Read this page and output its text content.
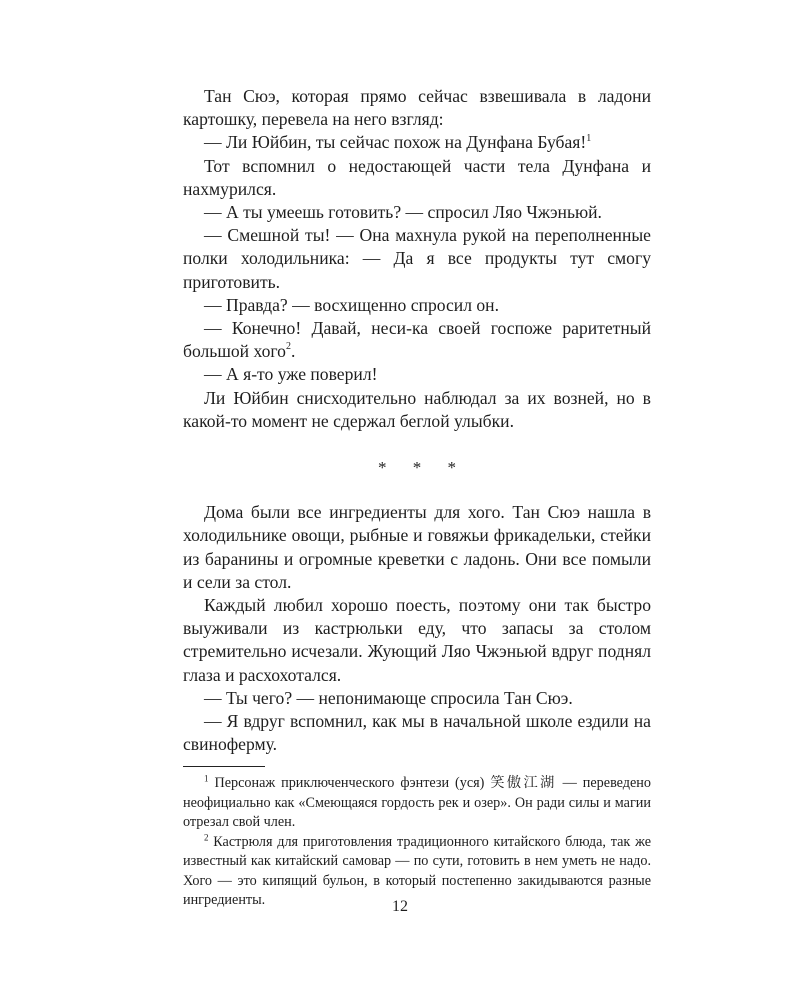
Тан Сюэ, которая прямо сейчас взвешивала в ладони картошку, перевела на него взгляд:

— Ли Юйбин, ты сейчас похож на Дунфана Бубая!$^1$

Тот вспомнил о недостающей части тела Дунфана и нахмурился.

— А ты умеешь готовить? — спросил Ляо Чжэньюй.

— Смешной ты! — Она махнула рукой на переполненные полки холодильника: — Да я все продукты тут смогу приготовить.

— Правда? — восхищенно спросил он.

— Конечно! Давай, неси-ка своей госпоже раритетный большой хого$^2$.

— А я-то уже поверил!

Ли Юйбин снисходительно наблюдал за их возней, но в какой-то момент не сдержал беглой улыбки.

* * *

Дома были все ингредиенты для хого. Тан Сюэ нашла в холодильнике овощи, рыбные и говяжьи фрикадельки, стейки из баранины и огромные креветки с ладонь. Они все помыли и сели за стол.

Каждый любил хорошо поесть, поэтому они так быстро выуживали из кастрюльки еду, что запасы за столом стремительно исчезали. Жующий Ляо Чжэньюй вдруг поднял глаза и расхохотался.

— Ты чего? — непонимающе спросила Тан Сюэ.

— Я вдруг вспомнил, как мы в начальной школе ездили на свиноферму.

$^1$ Персонаж приключенческого фэнтези (уся) 笑傲江湖 — переведено неофициально как «Смеющаяся гордость рек и озер». Он ради силы и магии отрезал свой член.

$^2$ Кастрюля для приготовления традиционного китайского блюда, так же известный как китайский самовар — по сути, готовить в нем уметь не надо. Хого — это кипящий бульон, в который постепенно закидываются разные ингредиенты.	12
